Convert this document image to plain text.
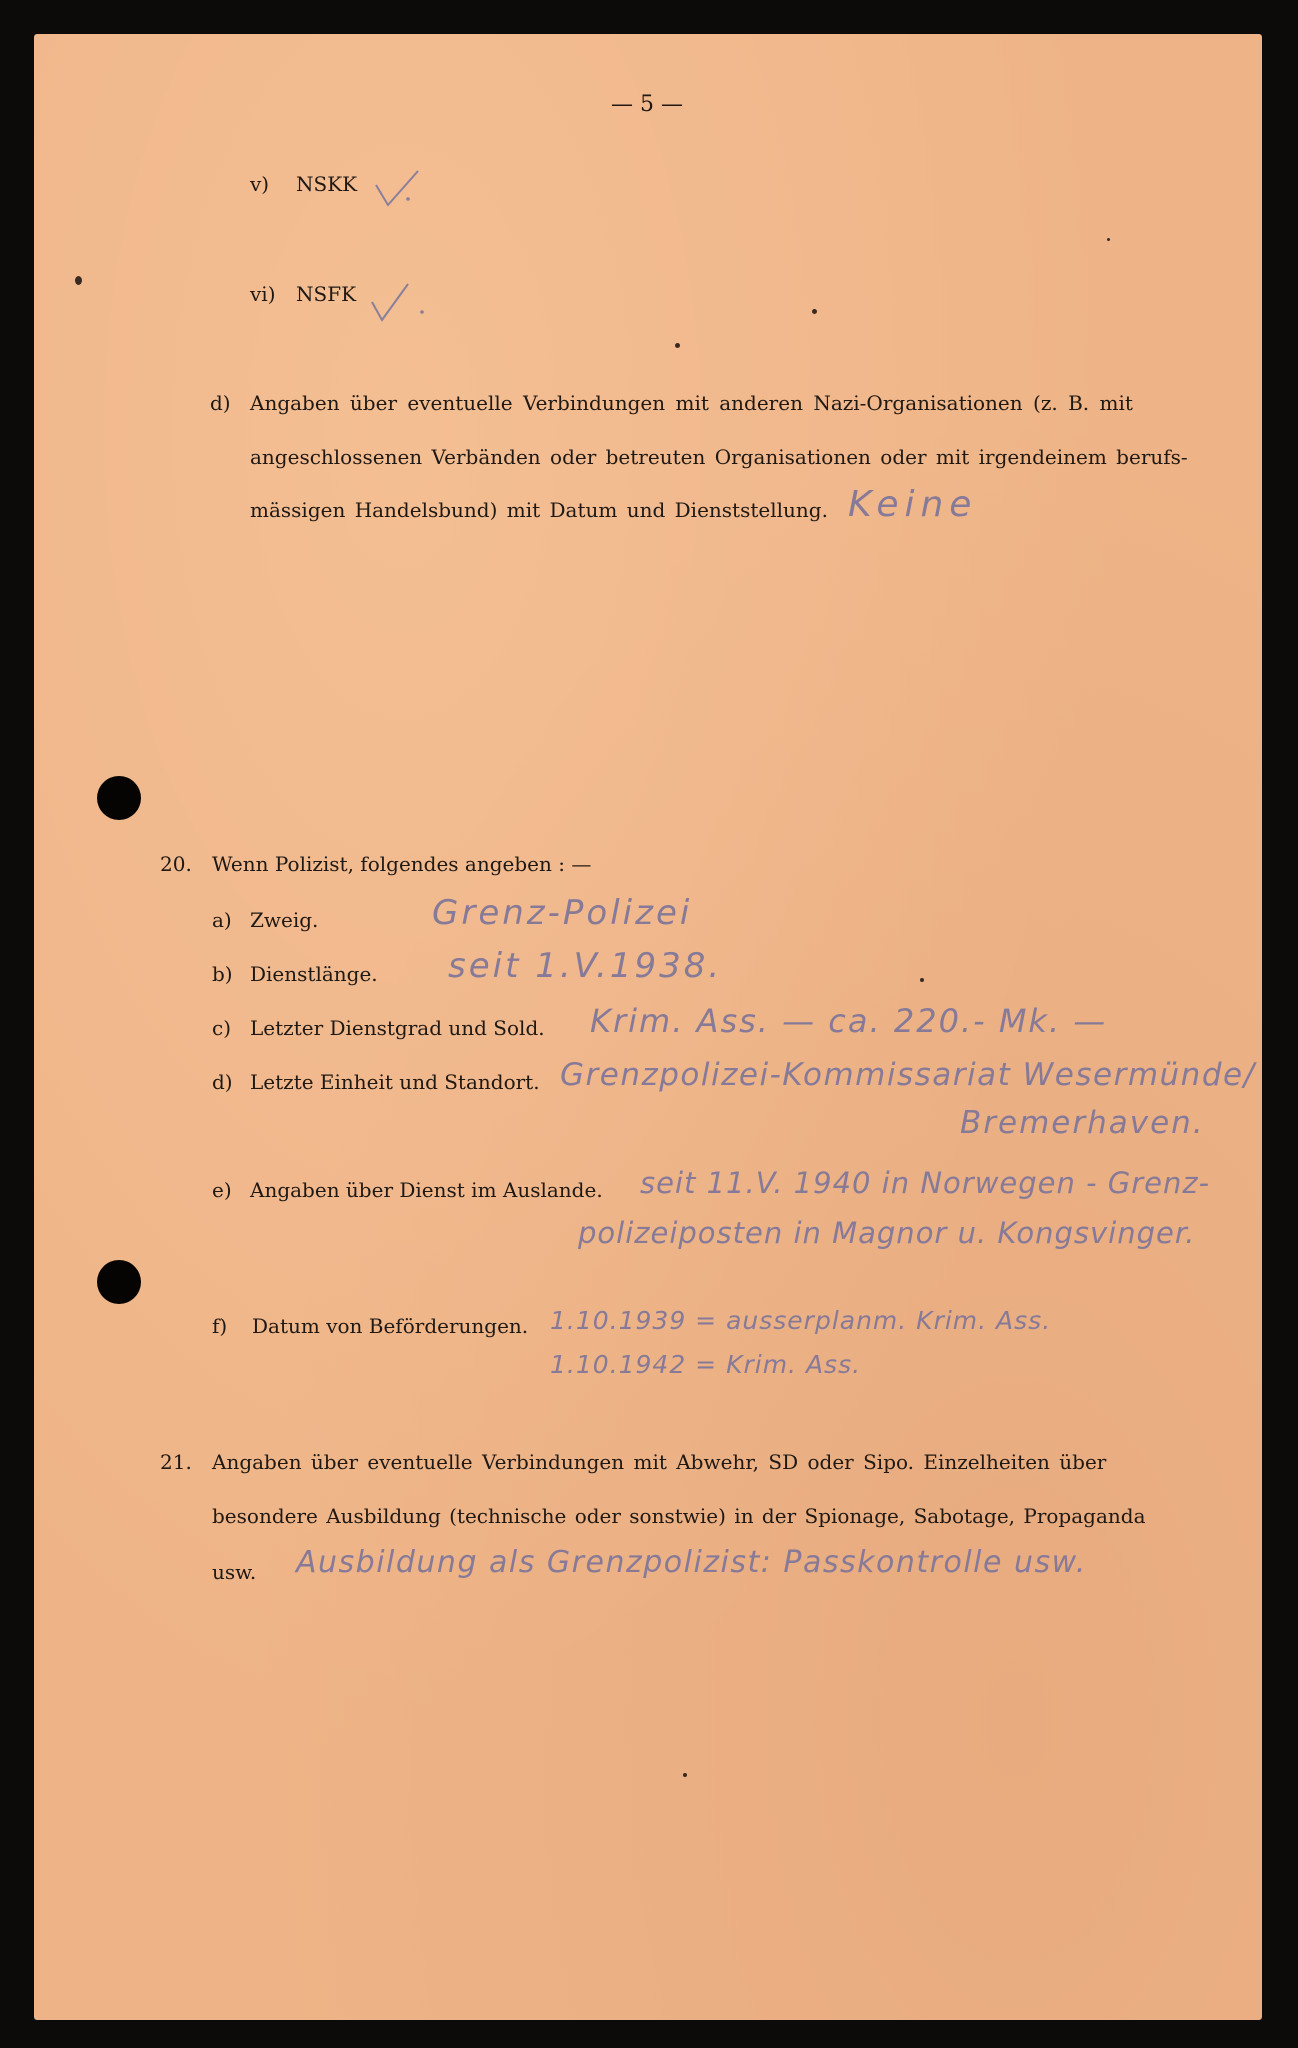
— 5 —
v) NSKK
vi) NSFK
d) Angaben über eventuelle Verbindungen mit anderen Nazi-Organisationen (z. B. mit
angeschlossenen Verbänden oder betreuten Organisationen oder mit irgendeinem berufs-
mässigen Handelsbund) mit Datum und Dienststellung. Keine
20. Wenn Polizist, folgendes angeben : —
a) Zweig.	Grenz-Polizei
b) Dienstlänge. seit 1.V.1938.
c) Letzter Dienstgrad und Sold. Krim. Ass. — ca. 220.- Mk. —
d) Letzte Einheit und Standort. Grenzpolizei-Kommissariat Wesermünde/
Bremerhaven.
e) Angaben über Dienst im Auslande. seit 11.V. 1940 in Norwegen - Grenz-
polizeiposten in Magnor u. Kongsvinger.
f) Datum von Beförderungen. 1.10.1939 = ausserplanm. Krim. Ass.
1.10.1942 = Krim. Ass.
21. Angaben über eventuelle Verbindungen mit Abwehr, SD oder Sipo. Einzelheiten über
besondere Ausbildung (technische oder sonstwie) in der Spionage, Sabotage, Propaganda
usw. Ausbildung als Grenzpolizist: Passkontrolle usw.
